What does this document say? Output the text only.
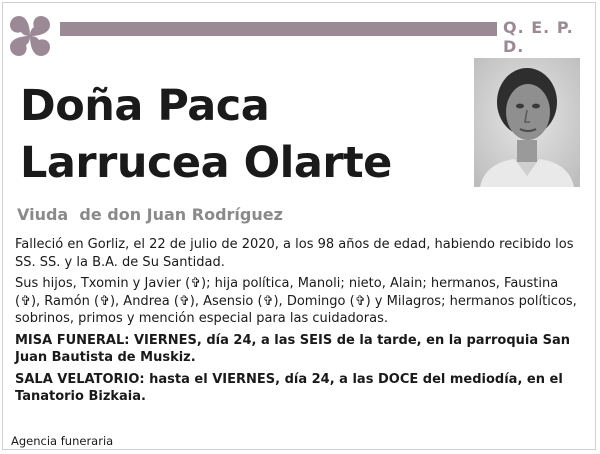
Q. E. P. D.
Doña Paca
Larrucea Olarte
Viuda  de don Juan Rodríguez

Falleció en Gorliz, el 22 de julio de 2020, a los 98 años de edad, habiendo recibido los SS. SS. y la B.A. de Su Santidad.

Sus hijos, Txomin y Javier (✞); hija política, Manoli; nieto, Alain; hermanos, Faustina (✞), Ramón (✞), Andrea (✞), Asensio (✞), Domingo (✞) y Milagros; hermanos políticos, sobrinos, primos y mención especial para las cuidadoras.

MISA FUNERAL: VIERNES, día 24, a las SEIS de la tarde, en la parroquia San Juan Bautista de Muskiz.

SALA VELATORIO: hasta el VIERNES, día 24, a las DOCE del mediodía, en el Tanatorio Bizkaia.

Agencia funeraria
